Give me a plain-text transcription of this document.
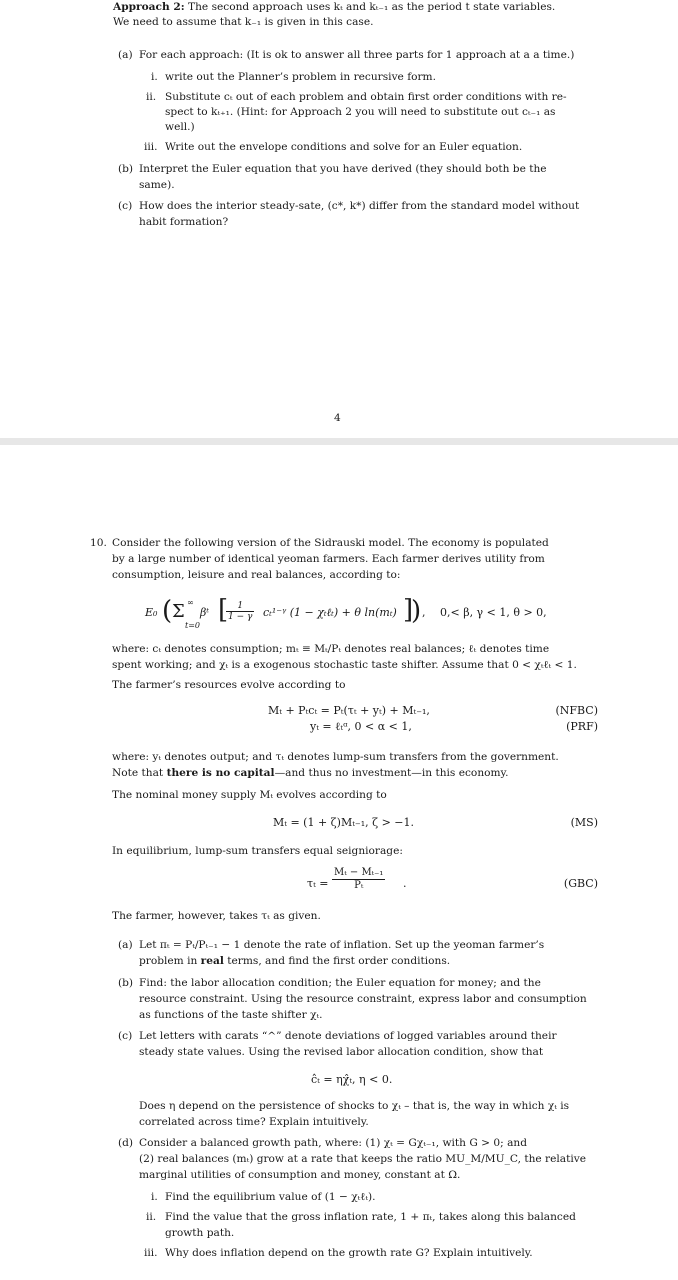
Approach 2: The second approach uses kₜ and kₜ₋₁ as the period t state variables.
We need to assume that k₋₁ is given in this case.
(a) For each approach: (It is ok to answer all three parts for 1 approach at a a time.)
i. write out the Planner’s problem in recursive form.
ii. Substitute cₜ out of each problem and obtain first order conditions with re-
spect to kₜ₊₁. (Hint: for Approach 2 you will need to substitute out cₜ₋₁ as
well.)
iii. Write out the envelope conditions and solve for an Euler equation.
(b) Interpret the Euler equation that you have derived (they should both be the
same).
(c) How does the interior steady-sate, (c*, k*) differ from the standard model without
habit formation?
4
10. Consider the following version of the Sidrauski model. The economy is populated
by a large number of identical yeoman farmers. Each farmer derives utility from
consumption, leisure and real balances, according to:
E₀ ( Σ ∞
t=0
βᵗ [
$\frac{1}{1 - \gamma}$ cₜ¹⁻ᵞ (1 − χₜℓₜ) + θ ln(mₜ) ]
) , 0,< β, γ < 1, θ > 0,
where: cₜ denotes consumption; mₜ ≡ Mₜ/Pₜ denotes real balances; ℓₜ denotes time
spent working; and χₜ is a exogenous stochastic taste shifter. Assume that 0 < χₜℓₜ < 1.
The farmer’s resources evolve according to
Mₜ + Pₜcₜ = Pₜ(τₜ + yₜ) + Mₜ₋₁,	(NFBC)
yₜ = ℓₜᵅ, 0 < α < 1,	(PRF)
where: yₜ denotes output; and τₜ denotes lump-sum transfers from the government.
Note that there is no capital—and thus no investment—in this economy.
The nominal money supply Mₜ evolves according to
Mₜ = (1 + ζ)Mₜ₋₁, ζ > −1.	(MS)
In equilibrium, lump-sum transfers equal seigniorage:
$\tau_t = \frac{\text{Mₜ − Mₜ₋₁}}{\text{Pₜ}}$ .	(GBC)
The farmer, however, takes τₜ as given.
(a) Let πₜ = Pₜ/Pₜ₋₁ − 1 denote the rate of inflation. Set up the yeoman farmer’s
problem in real terms, and find the first order conditions.
(b) Find: the labor allocation condition; the Euler equation for money; and the
resource constraint. Using the resource constraint, express labor and consumption
as functions of the taste shifter χₜ.
(c) Let letters with carats “^” denote deviations of logged variables around their
steady state values. Using the revised labor allocation condition, show that
ĉₜ = ηχ̂ₜ, η < 0.
Does η depend on the persistence of shocks to χₜ – that is, the way in which χₜ is
correlated across time? Explain intuitively.
(d) Consider a balanced growth path, where: (1) χₜ = Gχₜ₋₁, with G > 0; and
(2) real balances (mₜ) grow at a rate that keeps the ratio MU_M/MU_C, the relative
marginal utilities of consumption and money, constant at Ω.
i. Find the equilibrium value of (1 − χₜℓₜ).
ii. Find the value that the gross inflation rate, 1 + πₜ, takes along this balanced
growth path.
iii. Why does inflation depend on the growth rate G? Explain intuitively.
